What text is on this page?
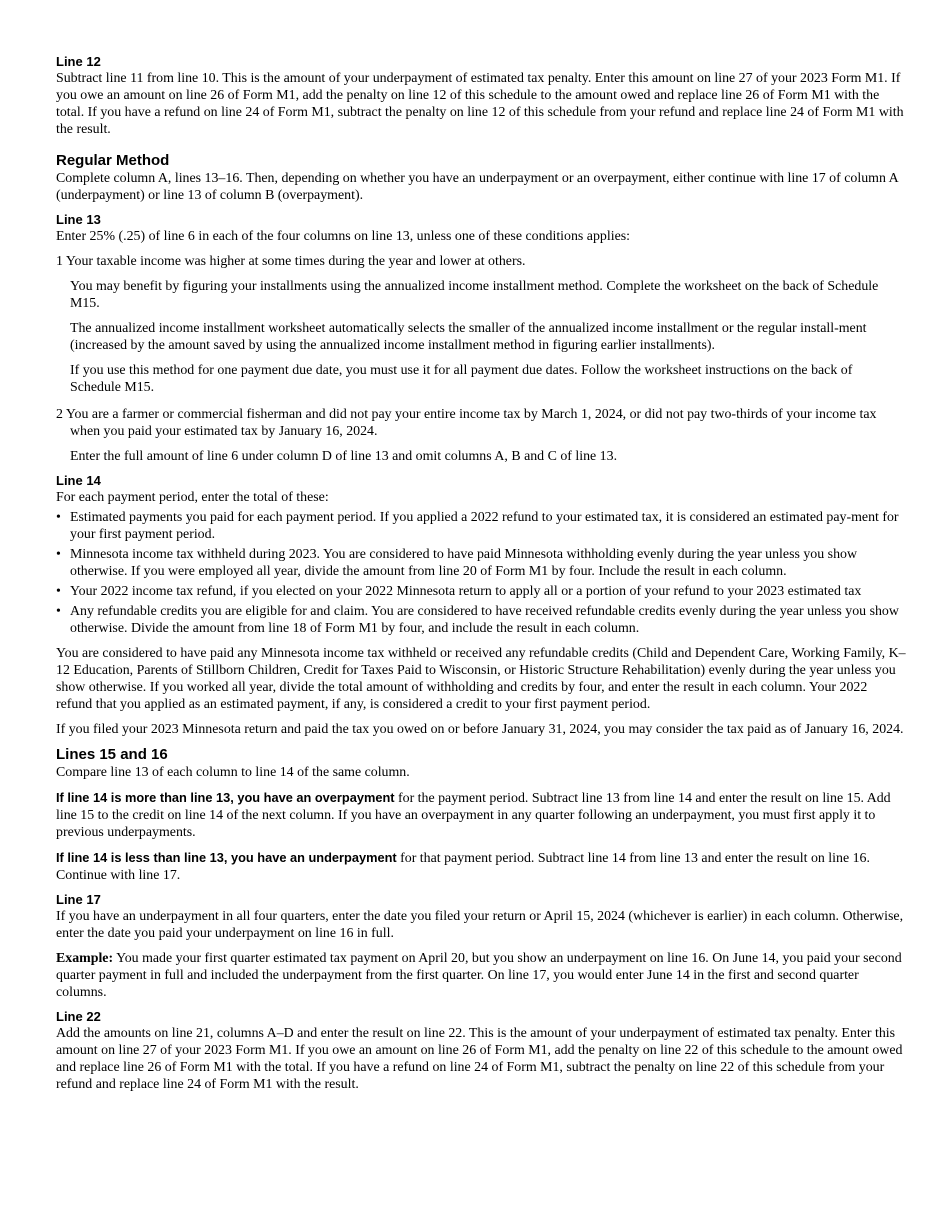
Line 12

Subtract line 11 from line 10. This is the amount of your underpayment of estimated tax penalty. Enter this amount on line 27 of your 2023 Form M1. If you owe an amount on line 26 of Form M1, add the penalty on line 12 of this schedule to the amount owed and replace line 26 of Form M1 with the total. If you have a refund on line 24 of Form M1, subtract the penalty on line 12 of this schedule from your refund and replace line 24 of Form M1 with the result.

Regular Method

Complete column A, lines 13–16. Then, depending on whether you have an underpayment or an overpayment, either continue with line 17 of column A (underpayment) or line 13 of column B (overpayment).

Line 13

Enter 25% (.25) of line 6 in each of the four columns on line 13, unless one of these conditions applies:

1 Your taxable income was higher at some times during the year and lower at others.

You may benefit by figuring your installments using the annualized income installment method. Complete the worksheet on the back of Schedule M15.

The annualized income installment worksheet automatically selects the smaller of the annualized income installment or the regular install-ment (increased by the amount saved by using the annualized income installment method in figuring earlier installments).

If you use this method for one payment due date, you must use it for all payment due dates. Follow the worksheet instructions on the back of Schedule M15.

2 You are a farmer or commercial fisherman and did not pay your entire income tax by March 1, 2024, or did not pay two-thirds of your income tax when you paid your estimated tax by January 16, 2024.

Enter the full amount of line 6 under column D of line 13 and omit columns A, B and C of line 13.

Line 14

For each payment period, enter the total of these:

• Estimated payments you paid for each payment period. If you applied a 2022 refund to your estimated tax, it is considered an estimated pay-ment for your first payment period.
• Minnesota income tax withheld during 2023. You are considered to have paid Minnesota withholding evenly during the year unless you show otherwise. If you were employed all year, divide the amount from line 20 of Form M1 by four. Include the result in each column.
• Your 2022 income tax refund, if you elected on your 2022 Minnesota return to apply all or a portion of your refund to your 2023 estimated tax
• Any refundable credits you are eligible for and claim. You are considered to have received refundable credits evenly during the year unless you show otherwise. Divide the amount from line 18 of Form M1 by four, and include the result in each column.

You are considered to have paid any Minnesota income tax withheld or received any refundable credits (Child and Dependent Care, Working Family, K–12 Education, Parents of Stillborn Children, Credit for Taxes Paid to Wisconsin, or Historic Structure Rehabilitation) evenly during the year unless you show otherwise. If you worked all year, divide the total amount of withholding and credits by four, and enter the result in each column. Your 2022 refund that you applied as an estimated payment, if any, is considered a credit to your first payment period.

If you filed your 2023 Minnesota return and paid the tax you owed on or before January 31, 2024, you may consider the tax paid as of January 16, 2024.

Lines 15 and 16

Compare line 13 of each column to line 14 of the same column.

If line 14 is more than line 13, you have an overpayment for the payment period. Subtract line 13 from line 14 and enter the result on line 15. Add line 15 to the credit on line 14 of the next column. If you have an overpayment in any quarter following an underpayment, you must first apply it to previous underpayments.

If line 14 is less than line 13, you have an underpayment for that payment period. Subtract line 14 from line 13 and enter the result on line 16. Continue with line 17.

Line 17

If you have an underpayment in all four quarters, enter the date you filed your return or April 15, 2024 (whichever is earlier) in each column. Otherwise, enter the date you paid your underpayment on line 16 in full.

Example: You made your first quarter estimated tax payment on April 20, but you show an underpayment on line 16. On June 14, you paid your second quarter payment in full and included the underpayment from the first quarter. On line 17, you would enter June 14 in the first and second quarter columns.

Line 22

Add the amounts on line 21, columns A–D and enter the result on line 22. This is the amount of your underpayment of estimated tax penalty. Enter this amount on line 27 of your 2023 Form M1. If you owe an amount on line 26 of Form M1, add the penalty on line 22 of this schedule to the amount owed and replace line 26 of Form M1 with the total. If you have a refund on line 24 of Form M1, subtract the penalty on line 22 of this schedule from your refund and replace line 24 of Form M1 with the result.
